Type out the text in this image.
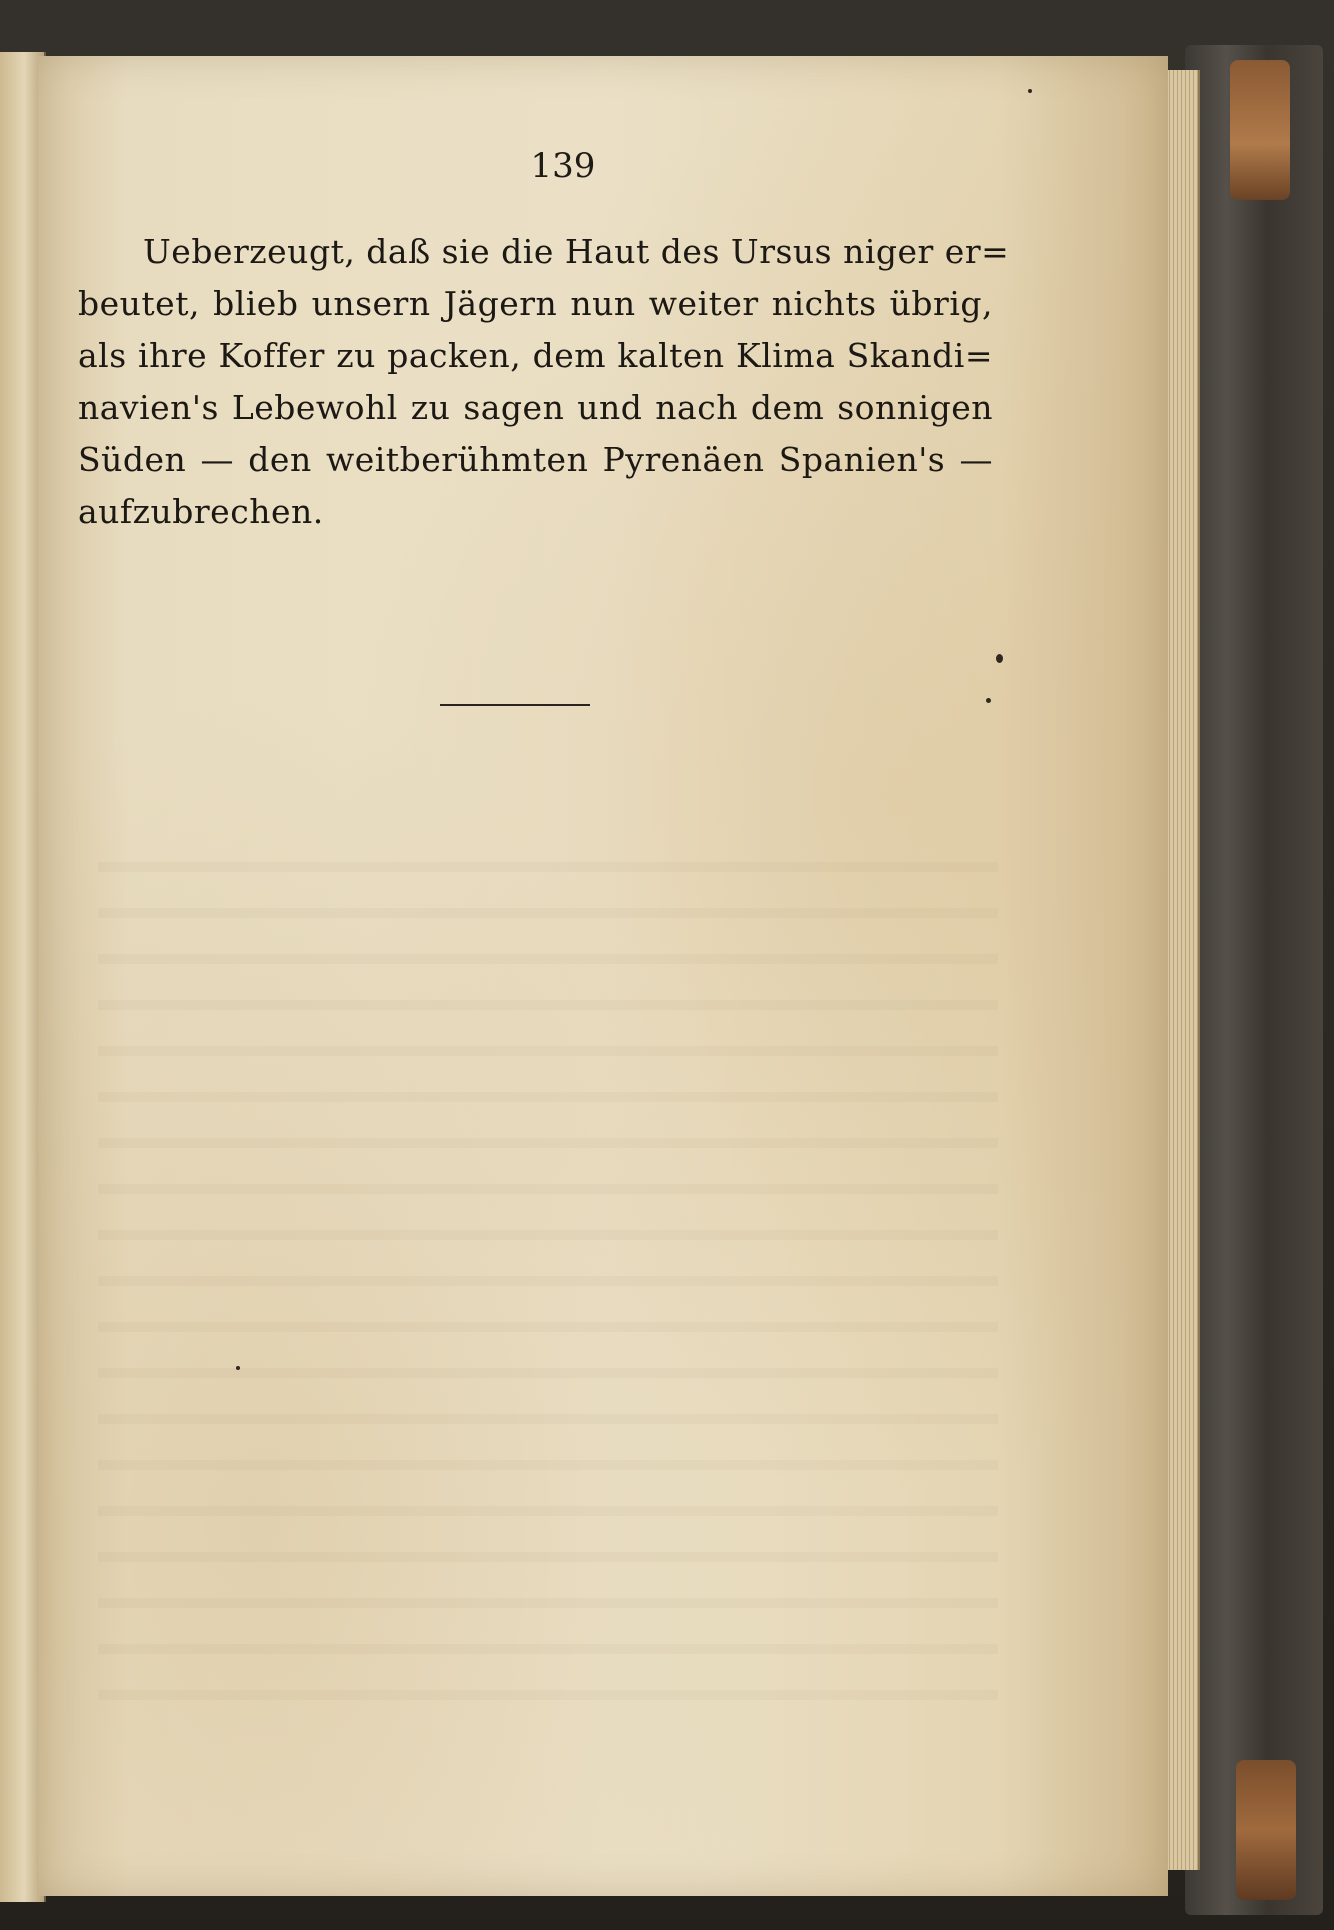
139
Ueberzeugt, daß sie die Haut des Ursus niger er=
beutet, blieb unsern Jägern nun weiter nichts übrig,
als ihre Koffer zu packen, dem kalten Klima Skandi=
navien's Lebewohl zu sagen und nach dem sonnigen
Süden — den weitberühmten Pyrenäen Spanien's —
aufzubrechen.
